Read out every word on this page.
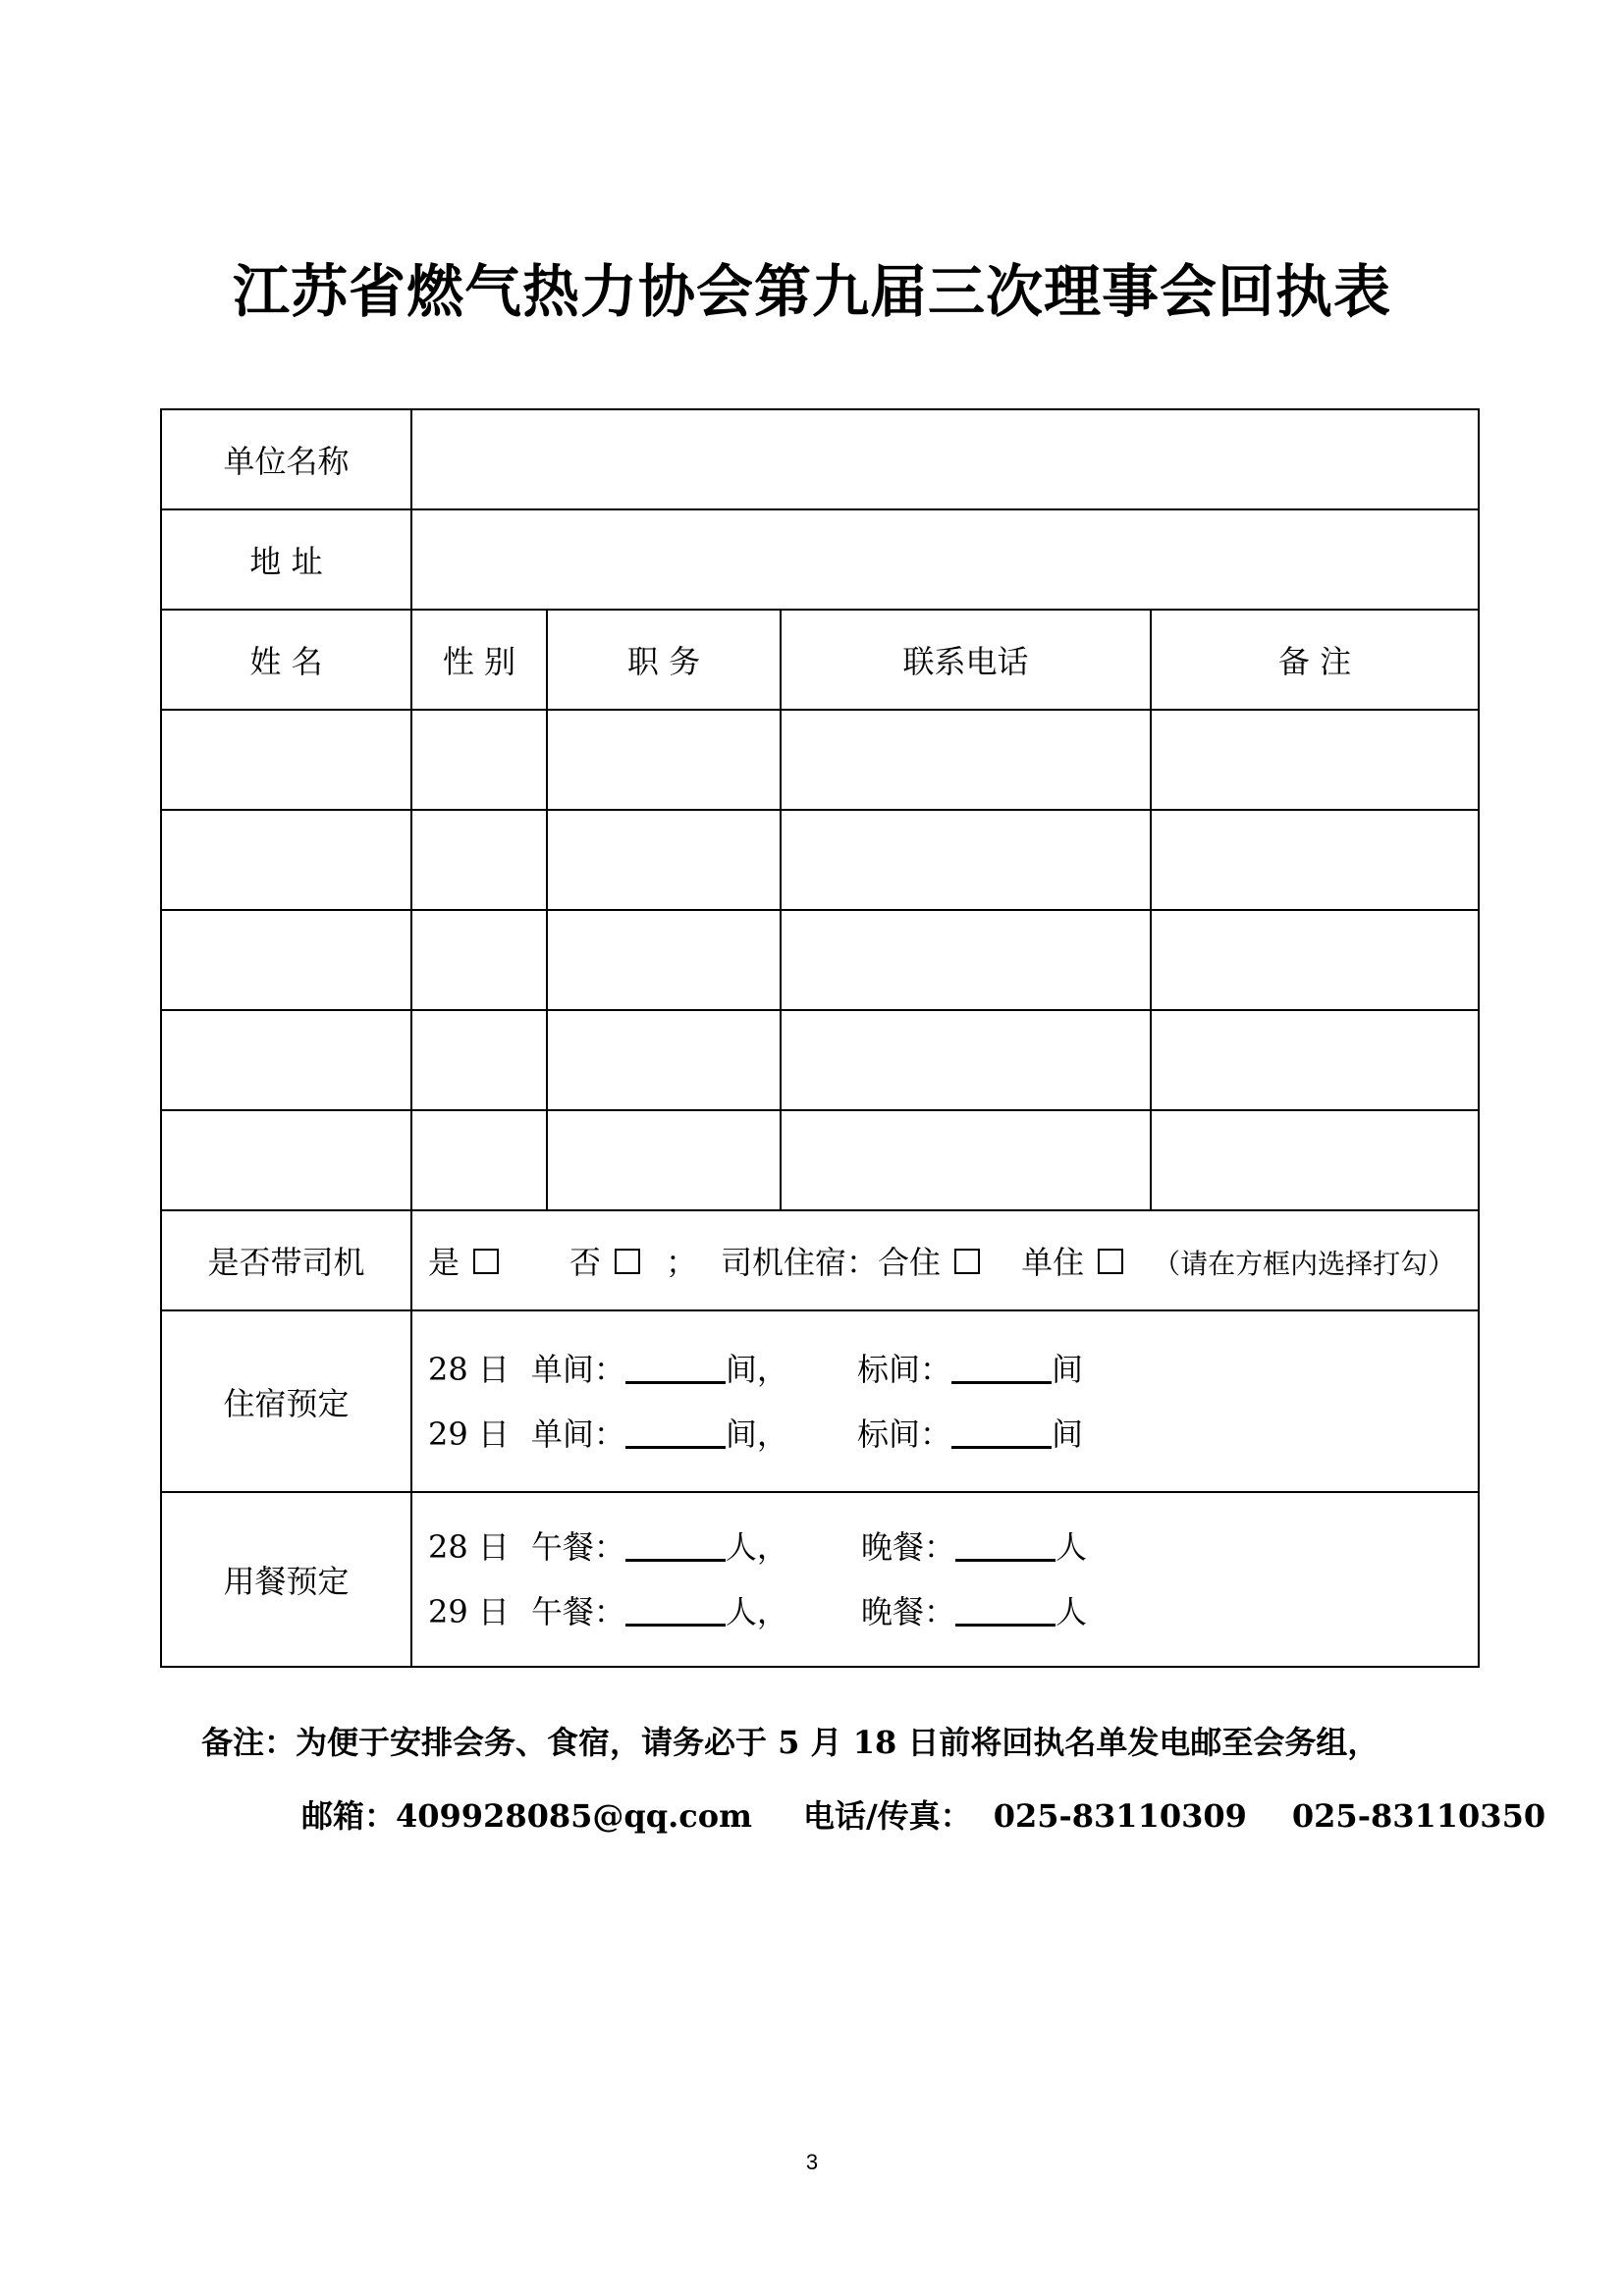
江苏省燃气热力协会第九届三次理事会回执表
单位名称				
地 址				
姓 名	性 别	职 务	联系电话	备 注

是否带司机	是 否 ； 司机住宿：合住 单住 （请在方框内选择打勾）			

住宿预定	28 日 单间： 间， 标间： 间
29 日 单间： 间， 标间： 间			

用餐预定	28 日 午餐： 人， 晚餐： 人
29 日 午餐： 人， 晚餐： 人			
备注：为便于安排会务、食宿，请务必于 5 月 18 日前将回执名单发电邮至会务组，
邮箱：409928085@qq.com 电话/传真： 025-83110309 025-83110350
3
